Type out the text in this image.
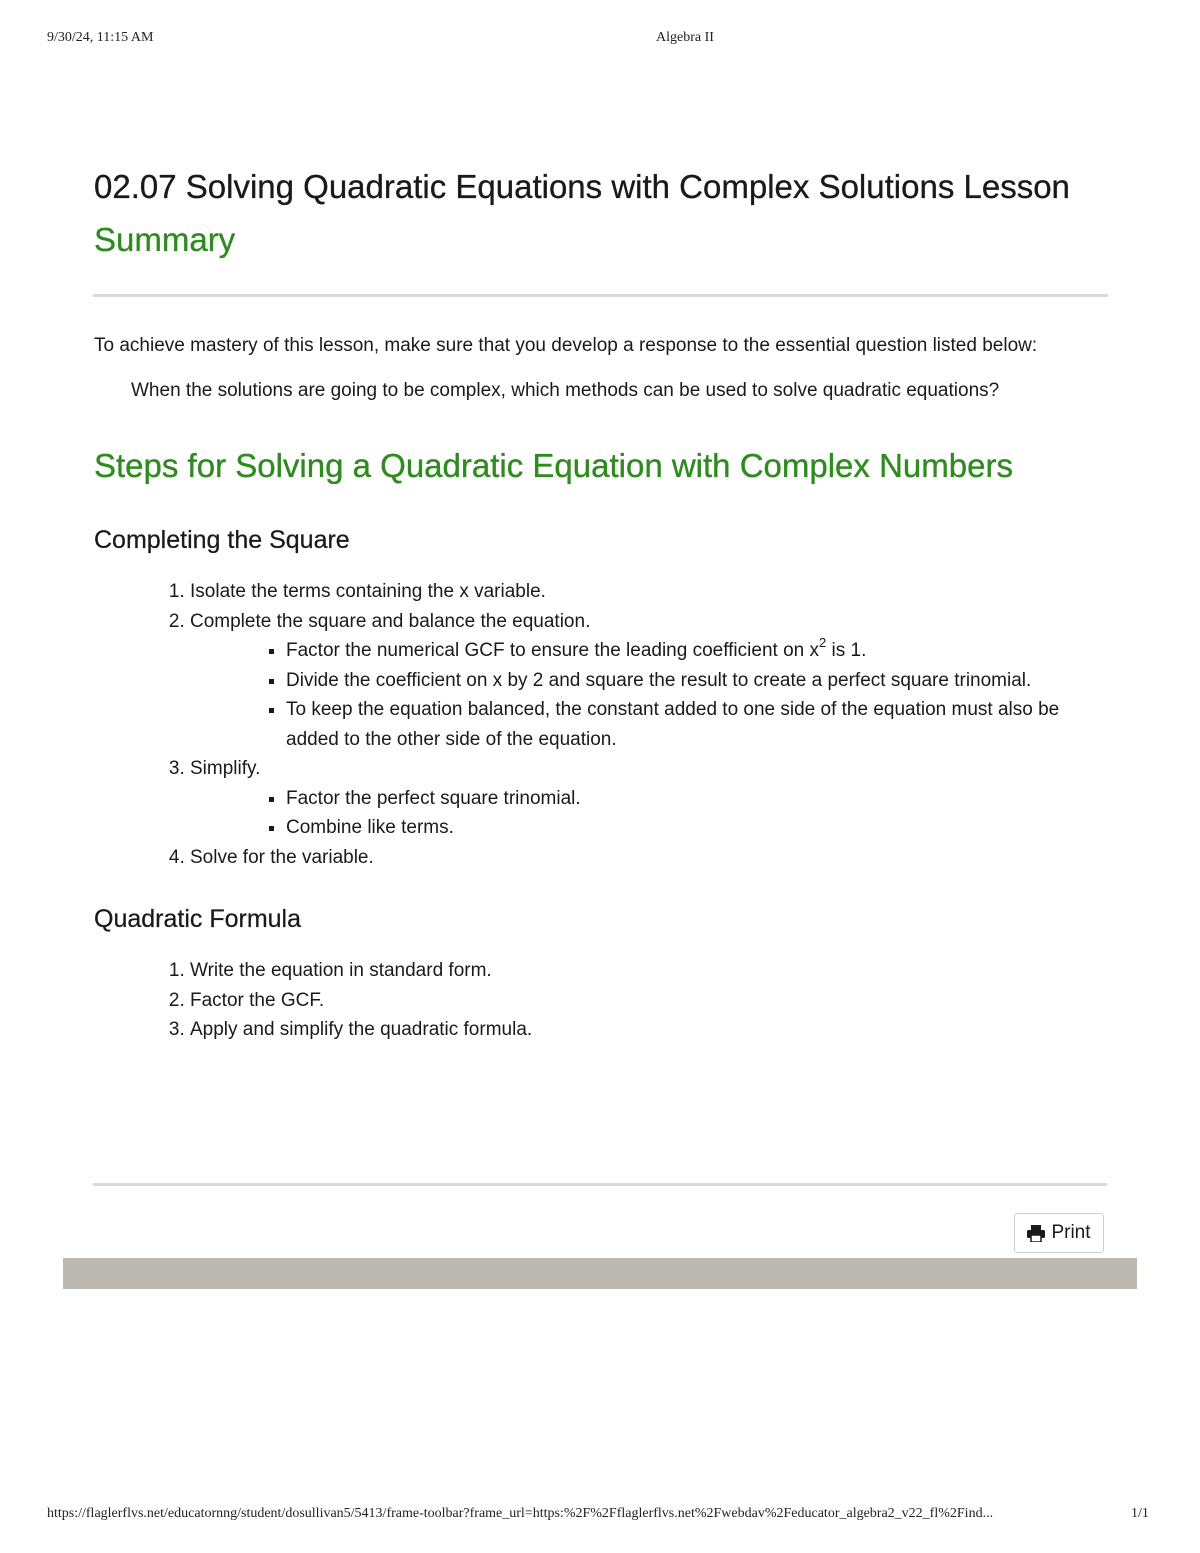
9/30/24, 11:15 AM	Algebra II
02.07 Solving Quadratic Equations with Complex Solutions Lesson Summary

To achieve mastery of this lesson, make sure that you develop a response to the essential question listed below:

When the solutions are going to be complex, which methods can be used to solve quadratic equations?

Steps for Solving a Quadratic Equation with Complex Numbers
Completing the Square
1. Isolate the terms containing the x variable.
2. Complete the square and balance the equation.
▪ Factor the numerical GCF to ensure the leading coefficient on $x^2$ is 1.
▪ Divide the coefficient on x by 2 and square the result to create a perfect square trinomial.
▪ To keep the equation balanced, the constant added to one side of the equation must also be added to the other side of the equation.
3. Simplify.
▪ Factor the perfect square trinomial.
▪ Combine like terms.
4. Solve for the variable.
Quadratic Formula
1. Write the equation in standard form.
2. Factor the GCF.
3. Apply and simplify the quadratic formula.
Print
https://flaglerflvs.net/educatornng/student/dosullivan5/5413/frame-toolbar?frame_url=https:%2F%2Fflaglerflvs.net%2Fwebdav%2Feducator_algebra2_v22_fl%2Find...	1/1
